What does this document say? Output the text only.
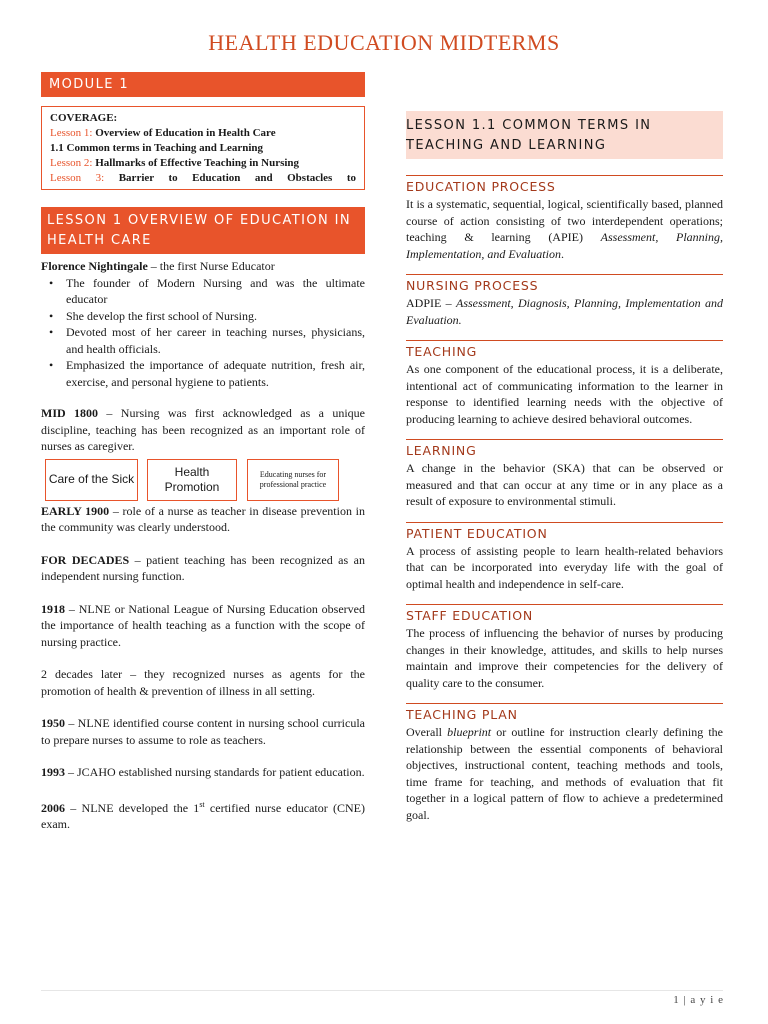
HEALTH EDUCATION MIDTERMS
MODULE 1
COVERAGE:
Lesson 1: Overview of Education in Health Care
1.1 Common terms in Teaching and Learning
Lesson 2: Hallmarks of Effective Teaching in Nursing
Lesson 3: Barrier to Education and Obstacles to
LESSON 1 OVERVIEW OF EDUCATION IN HEALTH CARE
Florence Nightingale – the first Nurse Educator
• The founder of Modern Nursing and was the ultimate educator
• She develop the first school of Nursing.
• Devoted most of her career in teaching nurses, physicians, and health officials.
• Emphasized the importance of adequate nutrition, fresh air, exercise, and personal hygiene to patients.
MID 1800 – Nursing was first acknowledged as a unique discipline, teaching has been recognized as an important role of nurses as caregiver.
Care of the Sick
Health Promotion
Educating nurses for professional practice
EARLY 1900 – role of a nurse as teacher in disease prevention in the community was clearly understood.
FOR DECADES – patient teaching has been recognized as an independent nursing function.
1918 – NLNE or National League of Nursing Education observed the importance of health teaching as a function with the scope of nursing practice.
2 decades later – they recognized nurses as agents for the promotion of health & prevention of illness in all setting.
1950 – NLNE identified course content in nursing school curricula to prepare nurses to assume to role as teachers.
1993 – JCAHO established nursing standards for patient education.
2006 – NLNE developed the 1st certified nurse educator (CNE) exam.
LESSON 1.1 COMMON TERMS IN TEACHING AND LEARNING
EDUCATION PROCESS
It is a systematic, sequential, logical, scientifically based, planned course of action consisting of two interdependent operations; teaching & learning (APIE) Assessment, Planning, Implementation, and Evaluation.
NURSING PROCESS
ADPIE – Assessment, Diagnosis, Planning, Implementation and Evaluation.
TEACHING
As one component of the educational process, it is a deliberate, intentional act of communicating information to the learner in response to identified learning needs with the objective of producing learning to achieve desired behavioral outcomes.
LEARNING
A change in the behavior (SKA) that can be observed or measured and that can occur at any time or in any place as a result of exposure to environmental stimuli.
PATIENT EDUCATION
A process of assisting people to learn health-related behaviors that can be incorporated into everyday life with the goal of optimal health and independence in self-care.
STAFF EDUCATION
The process of influencing the behavior of nurses by producing changes in their knowledge, attitudes, and skills to help nurses maintain and improve their competencies for the delivery of quality care to the consumer.
TEACHING PLAN
Overall blueprint or outline for instruction clearly defining the relationship between the essential components of behavioral objectives, instructional content, teaching methods and tools, time frame for teaching, and methods of evaluation that fit together in a logical pattern of flow to achieve a predetermined goal.
1 | a y i e
